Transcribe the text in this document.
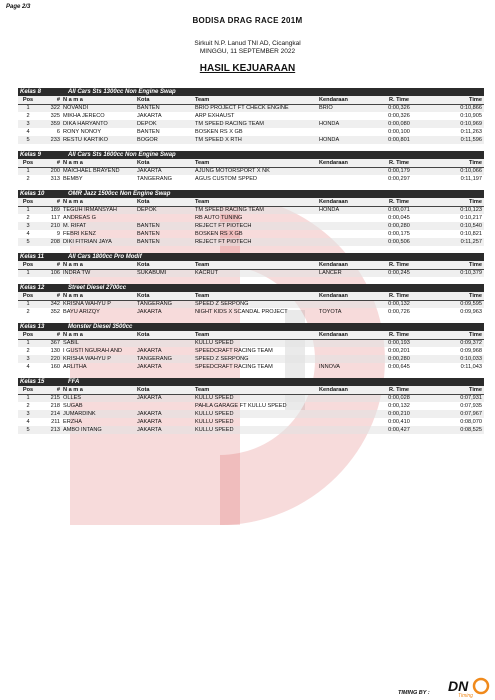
Page 2/3
BODISA DRAG RACE 201M
Sirkuit N.P. Lanud TNI AD, Cicangkal
MINGGU, 11 SEPTEMBER 2022
HASIL KEJUARAAN
Kelas 8	All Cars Sts 1300cc Non Engine Swap
Pos	#	N a m a	Kota	Team	Kendaraan	R. Time	Time
1	322	NOVANDI	BANTEN	BRIO PROJECT FT CHECK ENGINE	BRIO	0:00,326	0:10,866
2	325	MIKHA JERECO	JAKARTA	ARP EXHAUST		0:00,326	0:10,905
3	359	DIKA HARYANTO	DEPOK	TM SPEED RACING TEAM	HONDA	0:00,080	0:10,969
4	6	RONY NONOY	BANTEN	BOSKEN RS X GB		0:00,100	0:11,263
5	233	RESTU KARTIKO	BOGOR	TM SPEED X RTH	HONDA	0:00,801	0:11,596
Kelas 9	All Cars Sts 1600cc Non Engine Swap
Pos	#	N a m a	Kota	Team	Kendaraan	R. Time	Time
1	200	MAICHAEL BRAYEND	JAKARTA	AJUNG MOTORSPORT X NK		0:00,179	0:10,066
2	313	BEMBY	TANGERANG	AGUS CUSTOM SPPED		0:00,297	0:11,197
Kelas 10	OMR Jazz 1500cc Non Engine Swap
Pos	#	N a m a	Kota	Team	Kendaraan	R. Time	Time
1	189	TEGUH IRMANSYAH	DEPOK	TM SPEED RACING TEAM	HONDA	0:00,071	0:10,123
2	117	ANDREAS G		RB AUTO TUNING		0:00,045	0:10,217
3	210	M. RIFAT	BANTEN	REJECT FT PIOTECH		0:00,280	0:10,540
4	9	FEBRI KENZ	BANTEN	BOSKEN RS X GB		0:00,175	0:10,821
5	208	DIKI FITRIAN JAYA	BANTEN	REJECT FT PIOTECH		0:00,506	0:11,257
Kelas 11	All Cars 1800cc Pro Modif
Pos	#	N a m a	Kota	Team	Kendaraan	R. Time	Time
1	106	INDRA TW	SUKABUMI	KACRUT	LANCER	0:00,245	0:10,379
Kelas 12	Street Diesel 2700cc
Pos	#	N a m a	Kota	Team	Kendaraan	R. Time	Time
1	342	KRISNA WAHYU P	TANGERANG	SPEED Z SERPONG		0:00,132	0:09,595
2	352	BAYU ARIZQY	JAKARTA	NIGHT KIDS X SCANDAL PROJECT	TOYOTA	0:00,726	0:09,963
Kelas 13	Monster Diesel 3500cc
Pos	#	N a m a	Kota	Team	Kendaraan	R. Time	Time
1	367	SABIL		KULLU SPEED		0:00,193	0:09,372
2	130	I GUSTI NGURAH AND	JAKARTA	SPEEDCRAFT RACING TEAM		0:00,201	0:09,968
3	220	KRISHA WAHYU P	TANGERANG	SPEED Z SERPONG		0:00,280	0:10,033
4	160	ARLITHA	JAKARTA	SPEEDCRAFT RACING TEAM	INNOVA	0:00,645	0:11,043
Kelas 15	FFA
Pos	#	N a m a	Kota	Team	Kendaraan	R. Time	Time
1	215	OLLES	JAKARTA	KULLU SPEED		0:00,028	0:07,931
2	218	SUGAB		PAHLA GARAGE FT KULLU SPEED		0:00,132	0:07,935
3	214	JUMARDINK	JAKARTA	KULLU SPEED		0:00,210	0:07,967
4	211	ERZHA	JAKARTA	KULLU SPEED		0:00,410	0:08,070
5	213	AMBO INTANG	JAKARTA	KULLU SPEED		0:00,427	0:08,525
TIMING BY : DN
Timing
